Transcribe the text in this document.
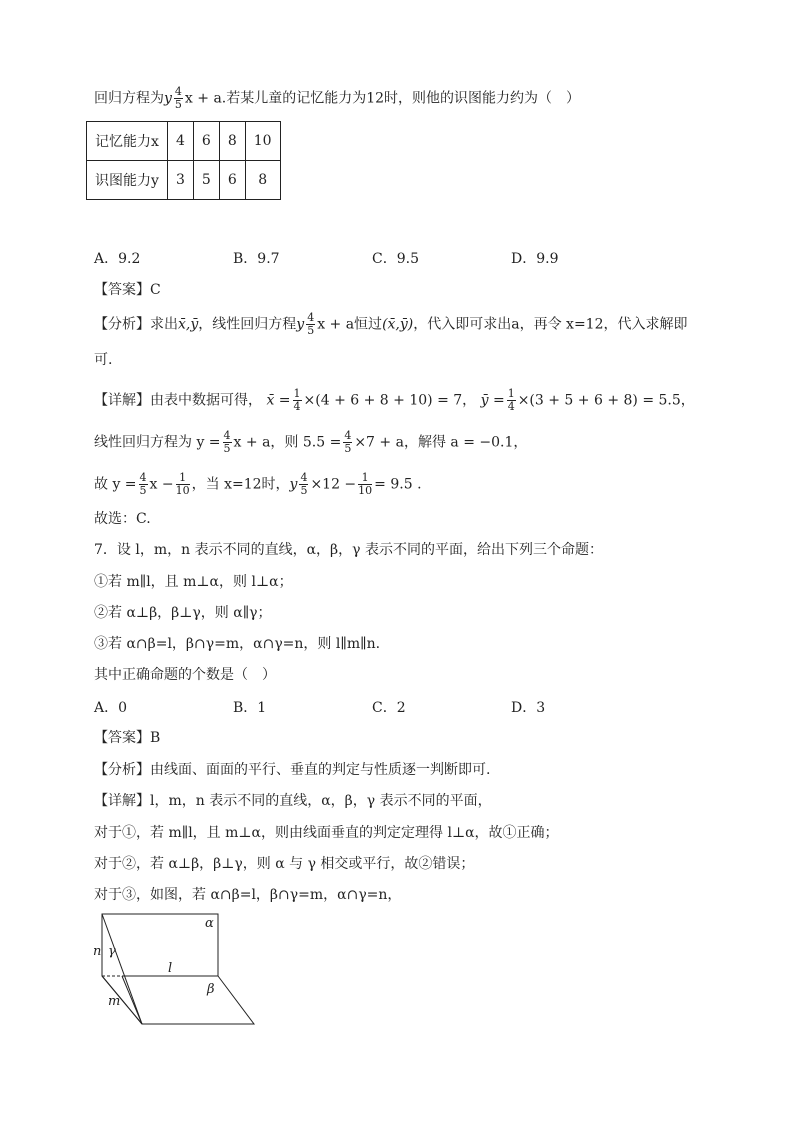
回归方程为y $\frac{4}{5}$ x + a.若某儿童的记忆能力为12时，则他的识图能力约为（　）
记忆能力x	4	6	8	10
识图能力y	3	5	6	8
A．9.2	B．9.7	C．9.5	D．9.9
【答案】C
【分析】求出x̄,ȳ，线性回归方程y $\frac{4}{5}$ x + a恒过(x̄,ȳ)，代入即可求出a，再令 x=12，代入求解即
可.
【详解】由表中数据可得， x̄ = $\frac{1}{4} \times(4 + 6 + 8 + 10) = 7$， ȳ = $\frac{1}{4} \times(3 + 5 + 6 + 8) = 5.5$，
线性回归方程为 $y = \frac{4}{5}$ x + a，则 $5.5 = \frac{4}{5} \times 7 + a$，解得 a = −0.1，
故 $y = \frac{4}{5}$ $x - \frac{1}{10}$ ，当 x=12时，y $\frac{4}{5} \times 12 - \frac{1}{10} = 9.5$ .
故选：C.
7．设 l，m，n 表示不同的直线，α，β，γ 表示不同的平面，给出下列三个命题：
①若 m∥l，且 m⊥α，则 l⊥α；
②若 α⊥β，β⊥γ，则 α∥γ；
③若 α∩β=l，β∩γ=m，α∩γ=n，则 l∥m∥n.
其中正确命题的个数是（　）
A．0	B．1	C．2	D．3
【答案】B
【分析】由线面、面面的平行、垂直的判定与性质逐一判断即可.
【详解】l，m，n 表示不同的直线，α，β，γ 表示不同的平面，
对于①，若 m∥l，且 m⊥α，则由线面垂直的判定定理得 l⊥α，故①正确；
对于②，若 α⊥β，β⊥γ，则 α 与 γ 相交或平行，故②错误；
对于③，如图，若 α∩β=l，β∩γ=m，α∩γ=n，
α
β
γ
n
l
m
